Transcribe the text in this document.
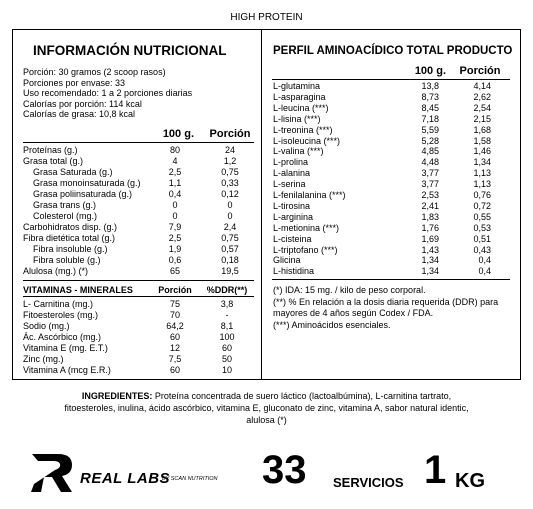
HIGH PROTEIN
INFORMACIÓN NUTRICIONAL
Porción: 30 gramos (2 scoop rasos)
Porciones por envase: 33
Uso recomendado: 1 a 2 porciones diarias
Calorías por porción: 114 kcal
Calorías de grasa: 10,8 kcal
100 g.	Porción
Proteínas (g.)	80	24
Grasa total (g.)	4	1,2
Grasa Saturada (g.)	2,5	0,75
Grasa monoinsaturada (g.)	1,1	0,33
Grasa poliinsaturada (g.)	0,4	0,12
Grasa trans (g.)	0	0
Colesterol (mg.)	0	0
Carbohidratos disp. (g.)	7,9	2,4
Fibra dietética total (g.)	2,5	0,75
Fibra insoluble (g.)	1,9	0,57
Fibra soluble (g.)	0,6	0,18
Alulosa (mg.) (*)	65	19,5
VITAMINAS - MINERALES	Porción	%DDR(**)
L- Carnitina (mg.)	75	3,8
Fitoesteroles (mg.)	70	-
Sodio (mg.)	64,2	8,1
Ác. Ascórbico (mg.)	60	100
Vitamina E (mg. E.T.)	12	60
Zinc (mg.)	7,5	50
Vitamina A (mcg E.R.)	60	10
PERFIL AMINOACÍDICO TOTAL PRODUCTO
100 g.	Porción
L-glutamina	13,8	4,14
L-asparagina	8,73	2,62
L-leucina (***)	8,45	2,54
L-lisina (***)	7,18	2,15
L-treonina (***)	5,59	1,68
L-isoleucina (***)	5,28	1,58
L-valina (***)	4,85	1,46
L-prolina	4,48	1,34
L-alanina	3,77	1,13
L-serina	3,77	1,13
L-fenilalanina (***)	2,53	0,76
L-tirosina	2,41	0,72
L-arginina	1,83	0,55
L-metionina (***)	1,76	0,53
L-cisteina	1,69	0,51
L-triptofano (***)	1,43	0,43
Glicina	1,34	0,4
L-histidina	1,34	0,4
(*) IDA: 15 mg. / kilo de peso corporal.
(**) % En relación a la dosis diaria requerida (DDR) para
mayores de 4 años según Codex / FDA.
(***) Aminoácidos esenciales.
INGREDIENTES: Proteína concentrada de suero láctico (lactoalbúmina), L-carnitina tartrato,
fitoesteroles, inulina, ácido ascórbico, vitamina E, gluconato de zinc, vitamina A, sabor natural identic,
alulosa (*)
REAL LABS
BY SCAN NUTRITION 33 SERVICIOS 1 KG
